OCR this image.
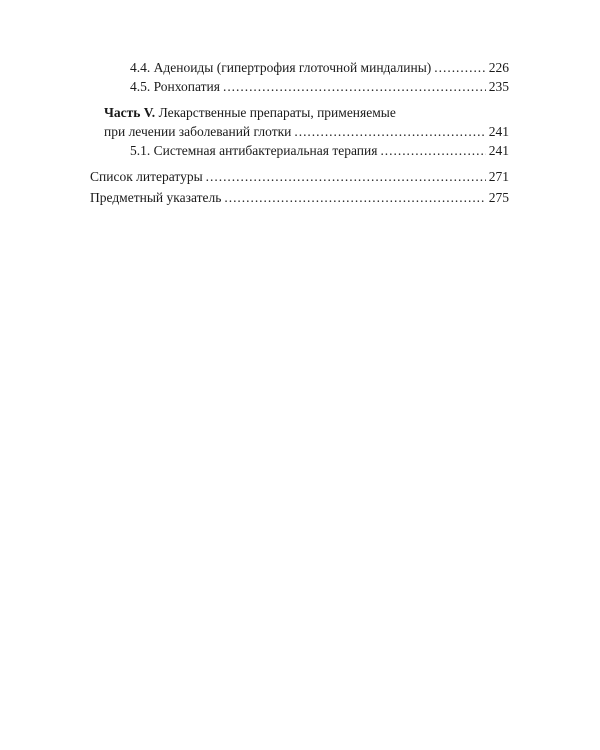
4.4. Аденоиды (гипертрофия глоточной миндалины) . . .	226
4.5. Ронхопатия . . .	235
Часть V. Лекарственные препараты, применяемые
при лечении заболеваний глотки . . .	241
5.1. Системная антибактериальная терапия . . .	241
Список литературы . . .	271
Предметный указатель . . .	275
